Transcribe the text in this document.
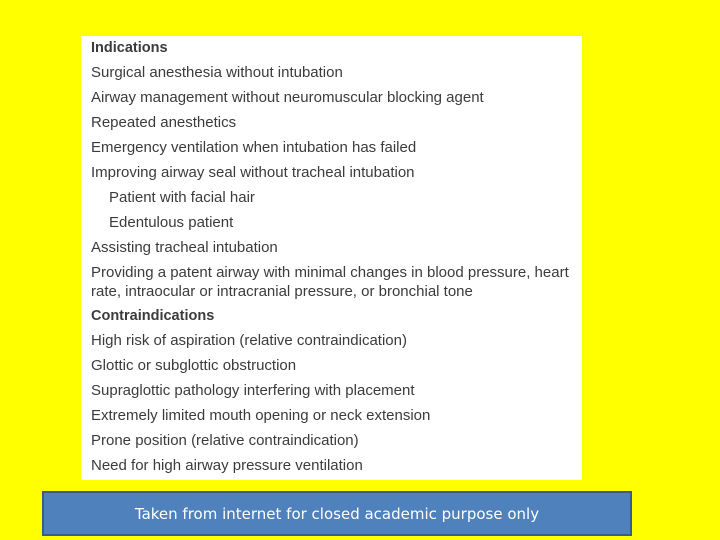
Indications
Surgical anesthesia without intubation
Airway management without neuromuscular blocking agent
Repeated anesthetics
Emergency ventilation when intubation has failed
Improving airway seal without tracheal intubation
Patient with facial hair
Edentulous patient
Assisting tracheal intubation
Providing a patent airway with minimal changes in blood pressure, heart rate, intraocular or intracranial pressure, or bronchial tone
Contraindications
High risk of aspiration (relative contraindication)
Glottic or subglottic obstruction
Supraglottic pathology interfering with placement
Extremely limited mouth opening or neck extension
Prone position (relative contraindication)
Need for high airway pressure ventilation
Taken from internet for closed academic purpose only
